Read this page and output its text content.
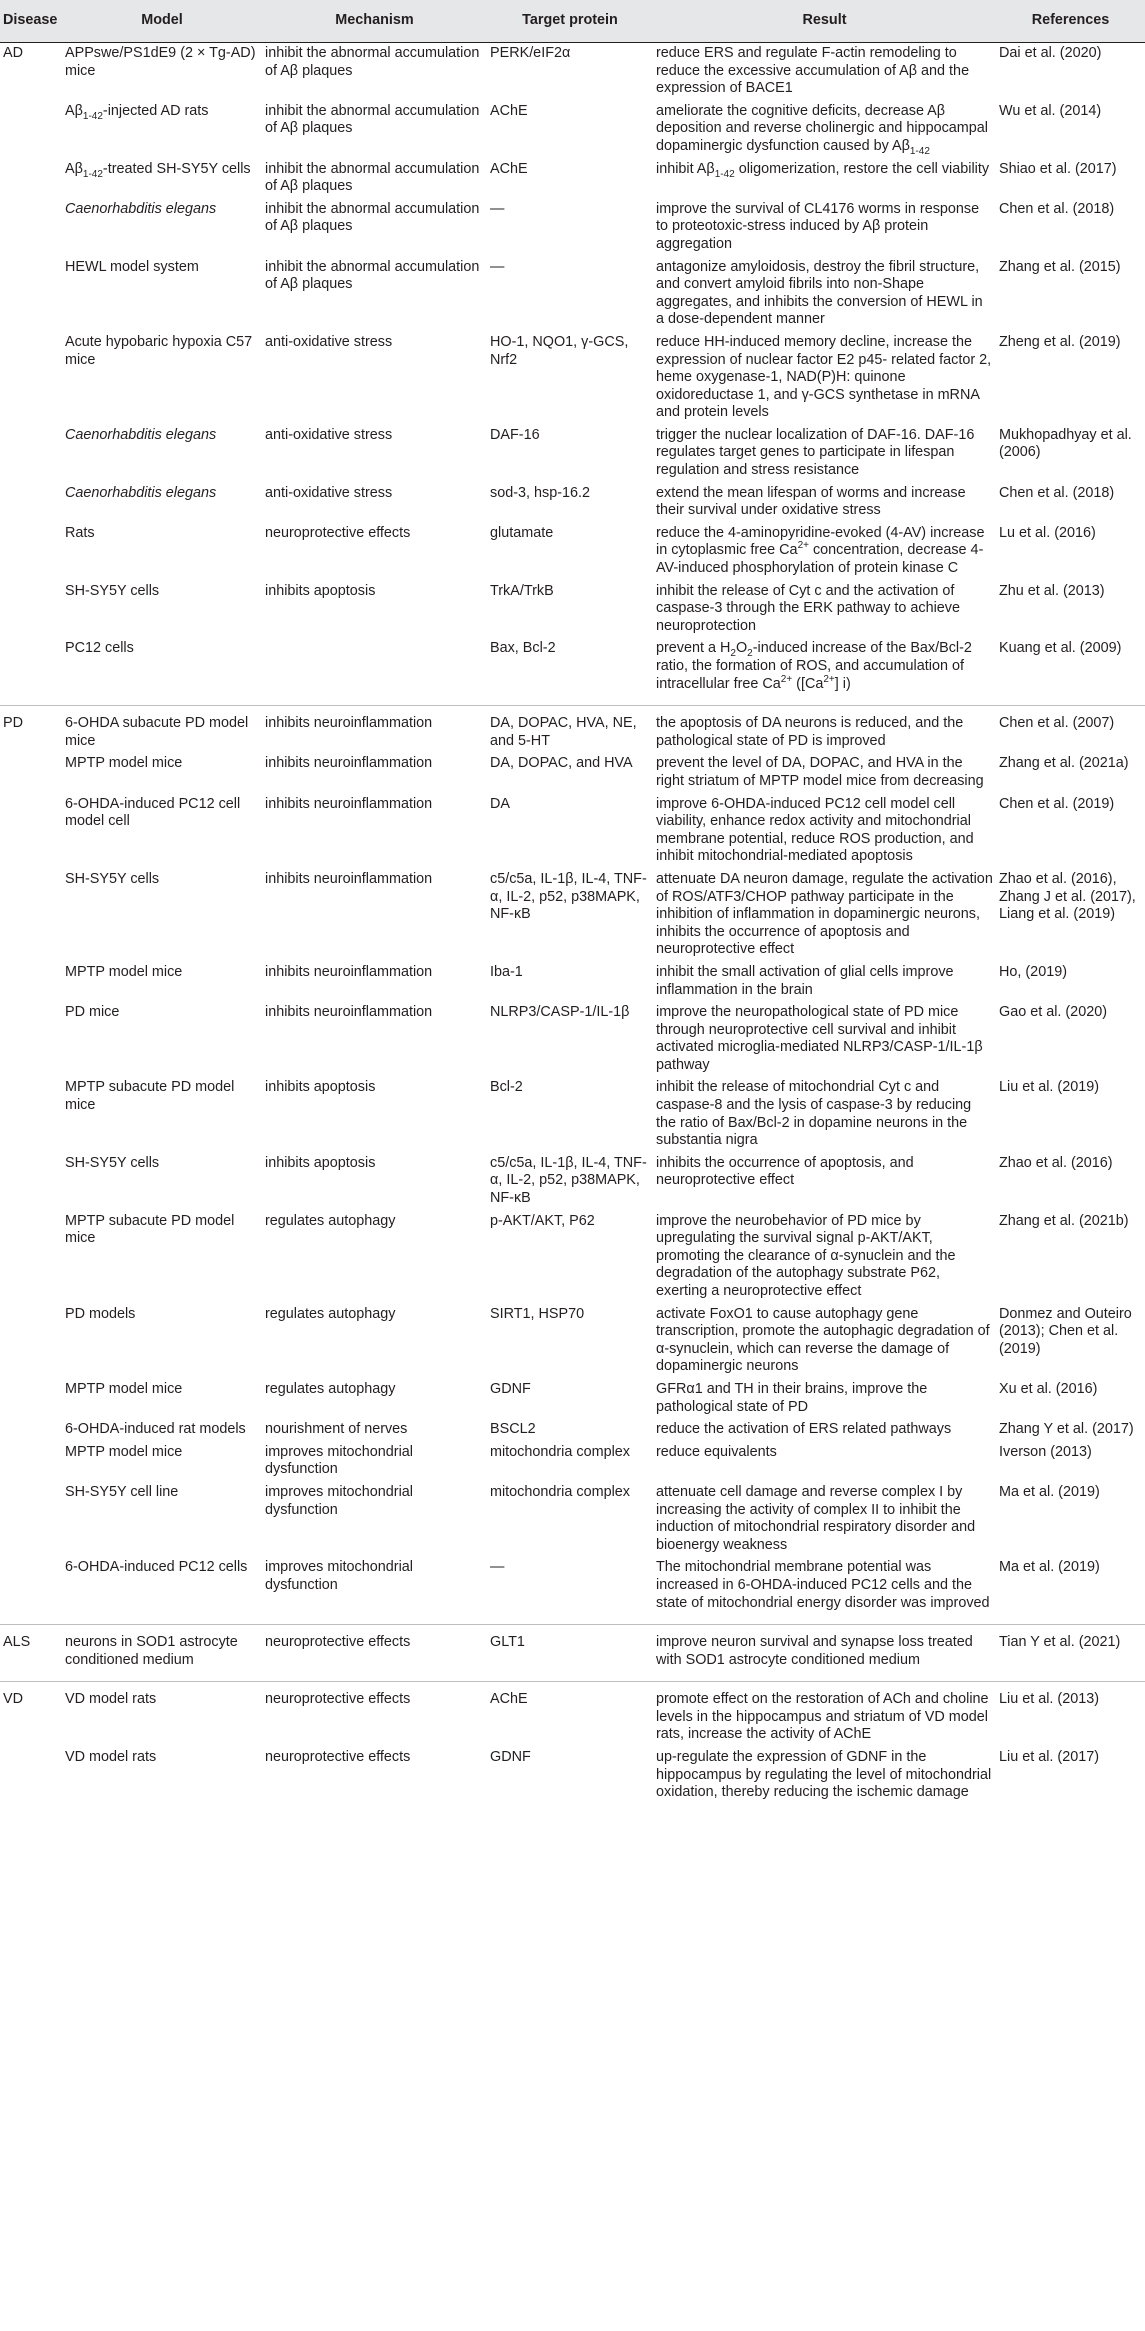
Disease	Model	Mechanism	Target protein	Result	References
AD	APPswe/PS1dE9 (2 × Tg-AD) mice	inhibit the abnormal accumulation of Aβ plaques	PERK/eIF2α	reduce ERS and regulate F-actin remodeling to reduce the excessive accumulation of Aβ and the expression of BACE1	Dai et al. (2020)
	$A\beta_{1-42}$-injected AD rats	inhibit the abnormal accumulation of Aβ plaques	AChE	ameliorate the cognitive deficits, decrease Aβ deposition and reverse cholinergic and hippocampal dopaminergic dysfunction caused by $A\beta_{1-42}$	Wu et al. (2014)
	$A\beta_{1-42}$-treated SH-SY5Y cells	inhibit the abnormal accumulation of Aβ plaques	AChE	inhibit $A\beta_{1-42}$ oligomerization, restore the cell viability	Shiao et al. (2017)
	Caenorhabditis elegans	inhibit the abnormal accumulation of Aβ plaques	—	improve the survival of CL4176 worms in response to proteotoxic-stress induced by Aβ protein aggregation	Chen et al. (2018)
	HEWL model system	inhibit the abnormal accumulation of Aβ plaques	—	antagonize amyloidosis, destroy the fibril structure, and convert amyloid fibrils into non-Shape aggregates, and inhibits the conversion of HEWL in a dose-dependent manner	Zhang et al. (2015)
	Acute hypobaric hypoxia C57 mice	anti-oxidative stress	HO-1, NQO1, γ-GCS, Nrf2	reduce HH-induced memory decline, increase the expression of nuclear factor E2 p45- related factor 2, heme oxygenase-1, NAD(P)H: quinone oxidoreductase 1, and γ-GCS synthetase in mRNA and protein levels	Zheng et al. (2019)
	Caenorhabditis elegans	anti-oxidative stress	DAF-16	trigger the nuclear localization of DAF-16. DAF-16 regulates target genes to participate in lifespan regulation and stress resistance	Mukhopadhyay et al. (2006)
	Caenorhabditis elegans	anti-oxidative stress	sod-3, hsp-16.2	extend the mean lifespan of worms and increase their survival under oxidative stress	Chen et al. (2018)
	Rats	neuroprotective effects	glutamate	reduce the 4-aminopyridine-evoked (4-AV) increase in cytoplasmic free $Ca^{2+}$ concentration, decrease 4-AV-induced phosphorylation of protein kinase C	Lu et al. (2016)
	SH-SY5Y cells	inhibits apoptosis	TrkA/TrkB	inhibit the release of Cyt c and the activation of caspase-3 through the ERK pathway to achieve neuroprotection	Zhu et al. (2013)
	PC12 cells		Bax, Bcl-2	prevent a $H_2O_2$-induced increase of the Bax/Bcl-2 ratio, the formation of ROS, and accumulation of intracellular free $Ca^{2+}$ ($[Ca^{2+}]$ i)	Kuang et al. (2009)
PD	6-OHDA subacute PD model mice	inhibits neuroinflammation	DA, DOPAC, HVA, NE, and 5-HT	the apoptosis of DA neurons is reduced, and the pathological state of PD is improved	Chen et al. (2007)
	MPTP model mice	inhibits neuroinflammation	DA, DOPAC, and HVA	prevent the level of DA, DOPAC, and HVA in the right striatum of MPTP model mice from decreasing	Zhang et al. (2021a)
	6-OHDA-induced PC12 cell model cell	inhibits neuroinflammation	DA	improve 6-OHDA-induced PC12 cell model cell viability, enhance redox activity and mitochondrial membrane potential, reduce ROS production, and inhibit mitochondrial-mediated apoptosis	Chen et al. (2019)
	SH-SY5Y cells	inhibits neuroinflammation	c5/c5a, IL-1β, IL-4, TNF-α, IL-2, p52, p38MAPK, NF-κB	attenuate DA neuron damage, regulate the activation of ROS/ATF3/CHOP pathway participate in the inhibition of inflammation in dopaminergic neurons, inhibits the occurrence of apoptosis and neuroprotective effect	Zhao et al. (2016), Zhang J et al. (2017), Liang et al. (2019)
	MPTP model mice	inhibits neuroinflammation	Iba-1	inhibit the small activation of glial cells improve inflammation in the brain	Ho, (2019)
	PD mice	inhibits neuroinflammation	NLRP3/CASP-1/IL-1β	improve the neuropathological state of PD mice through neuroprotective cell survival and inhibit activated microglia-mediated NLRP3/CASP-1/IL-1β pathway	Gao et al. (2020)
	MPTP subacute PD model mice	inhibits apoptosis	Bcl-2	inhibit the release of mitochondrial Cyt c and caspase-8 and the lysis of caspase-3 by reducing the ratio of Bax/Bcl-2 in dopamine neurons in the substantia nigra	Liu et al. (2019)
	SH-SY5Y cells	inhibits apoptosis	c5/c5a, IL-1β, IL-4, TNF-α, IL-2, p52, p38MAPK, NF-κB	inhibits the occurrence of apoptosis, and neuroprotective effect	Zhao et al. (2016)
	MPTP subacute PD model mice	regulates autophagy	p-AKT/AKT, P62	improve the neurobehavior of PD mice by upregulating the survival signal p-AKT/AKT, promoting the clearance of α-synuclein and the degradation of the autophagy substrate P62, exerting a neuroprotective effect	Zhang et al. (2021b)
	PD models	regulates autophagy	SIRT1, HSP70	activate FoxO1 to cause autophagy gene transcription, promote the autophagic degradation of α-synuclein, which can reverse the damage of dopaminergic neurons	Donmez and Outeiro (2013); Chen et al. (2019)
	MPTP model mice	regulates autophagy	GDNF	GFRα1 and TH in their brains, improve the pathological state of PD	Xu et al. (2016)
	6-OHDA-induced rat models	nourishment of nerves	BSCL2	reduce the activation of ERS related pathways	Zhang Y et al. (2017)
	MPTP model mice	improves mitochondrial dysfunction	mitochondria complex	reduce equivalents	Iverson (2013)
	SH-SY5Y cell line	improves mitochondrial dysfunction	mitochondria complex	attenuate cell damage and reverse complex I by increasing the activity of complex II to inhibit the induction of mitochondrial respiratory disorder and bioenergy weakness	Ma et al. (2019)
	6-OHDA-induced PC12 cells	improves mitochondrial dysfunction	—	The mitochondrial membrane potential was increased in 6-OHDA-induced PC12 cells and the state of mitochondrial energy disorder was improved	Ma et al. (2019)
ALS	neurons in SOD1 astrocyte conditioned medium	neuroprotective effects	GLT1	improve neuron survival and synapse loss treated with SOD1 astrocyte conditioned medium	Tian Y et al. (2021)
VD	VD model rats	neuroprotective effects	AChE	promote effect on the restoration of ACh and choline levels in the hippocampus and striatum of VD model rats, increase the activity of AChE	Liu et al. (2013)
	VD model rats	neuroprotective effects	GDNF	up-regulate the expression of GDNF in the hippocampus by regulating the level of mitochondrial oxidation, thereby reducing the ischemic damage	Liu et al. (2017)
